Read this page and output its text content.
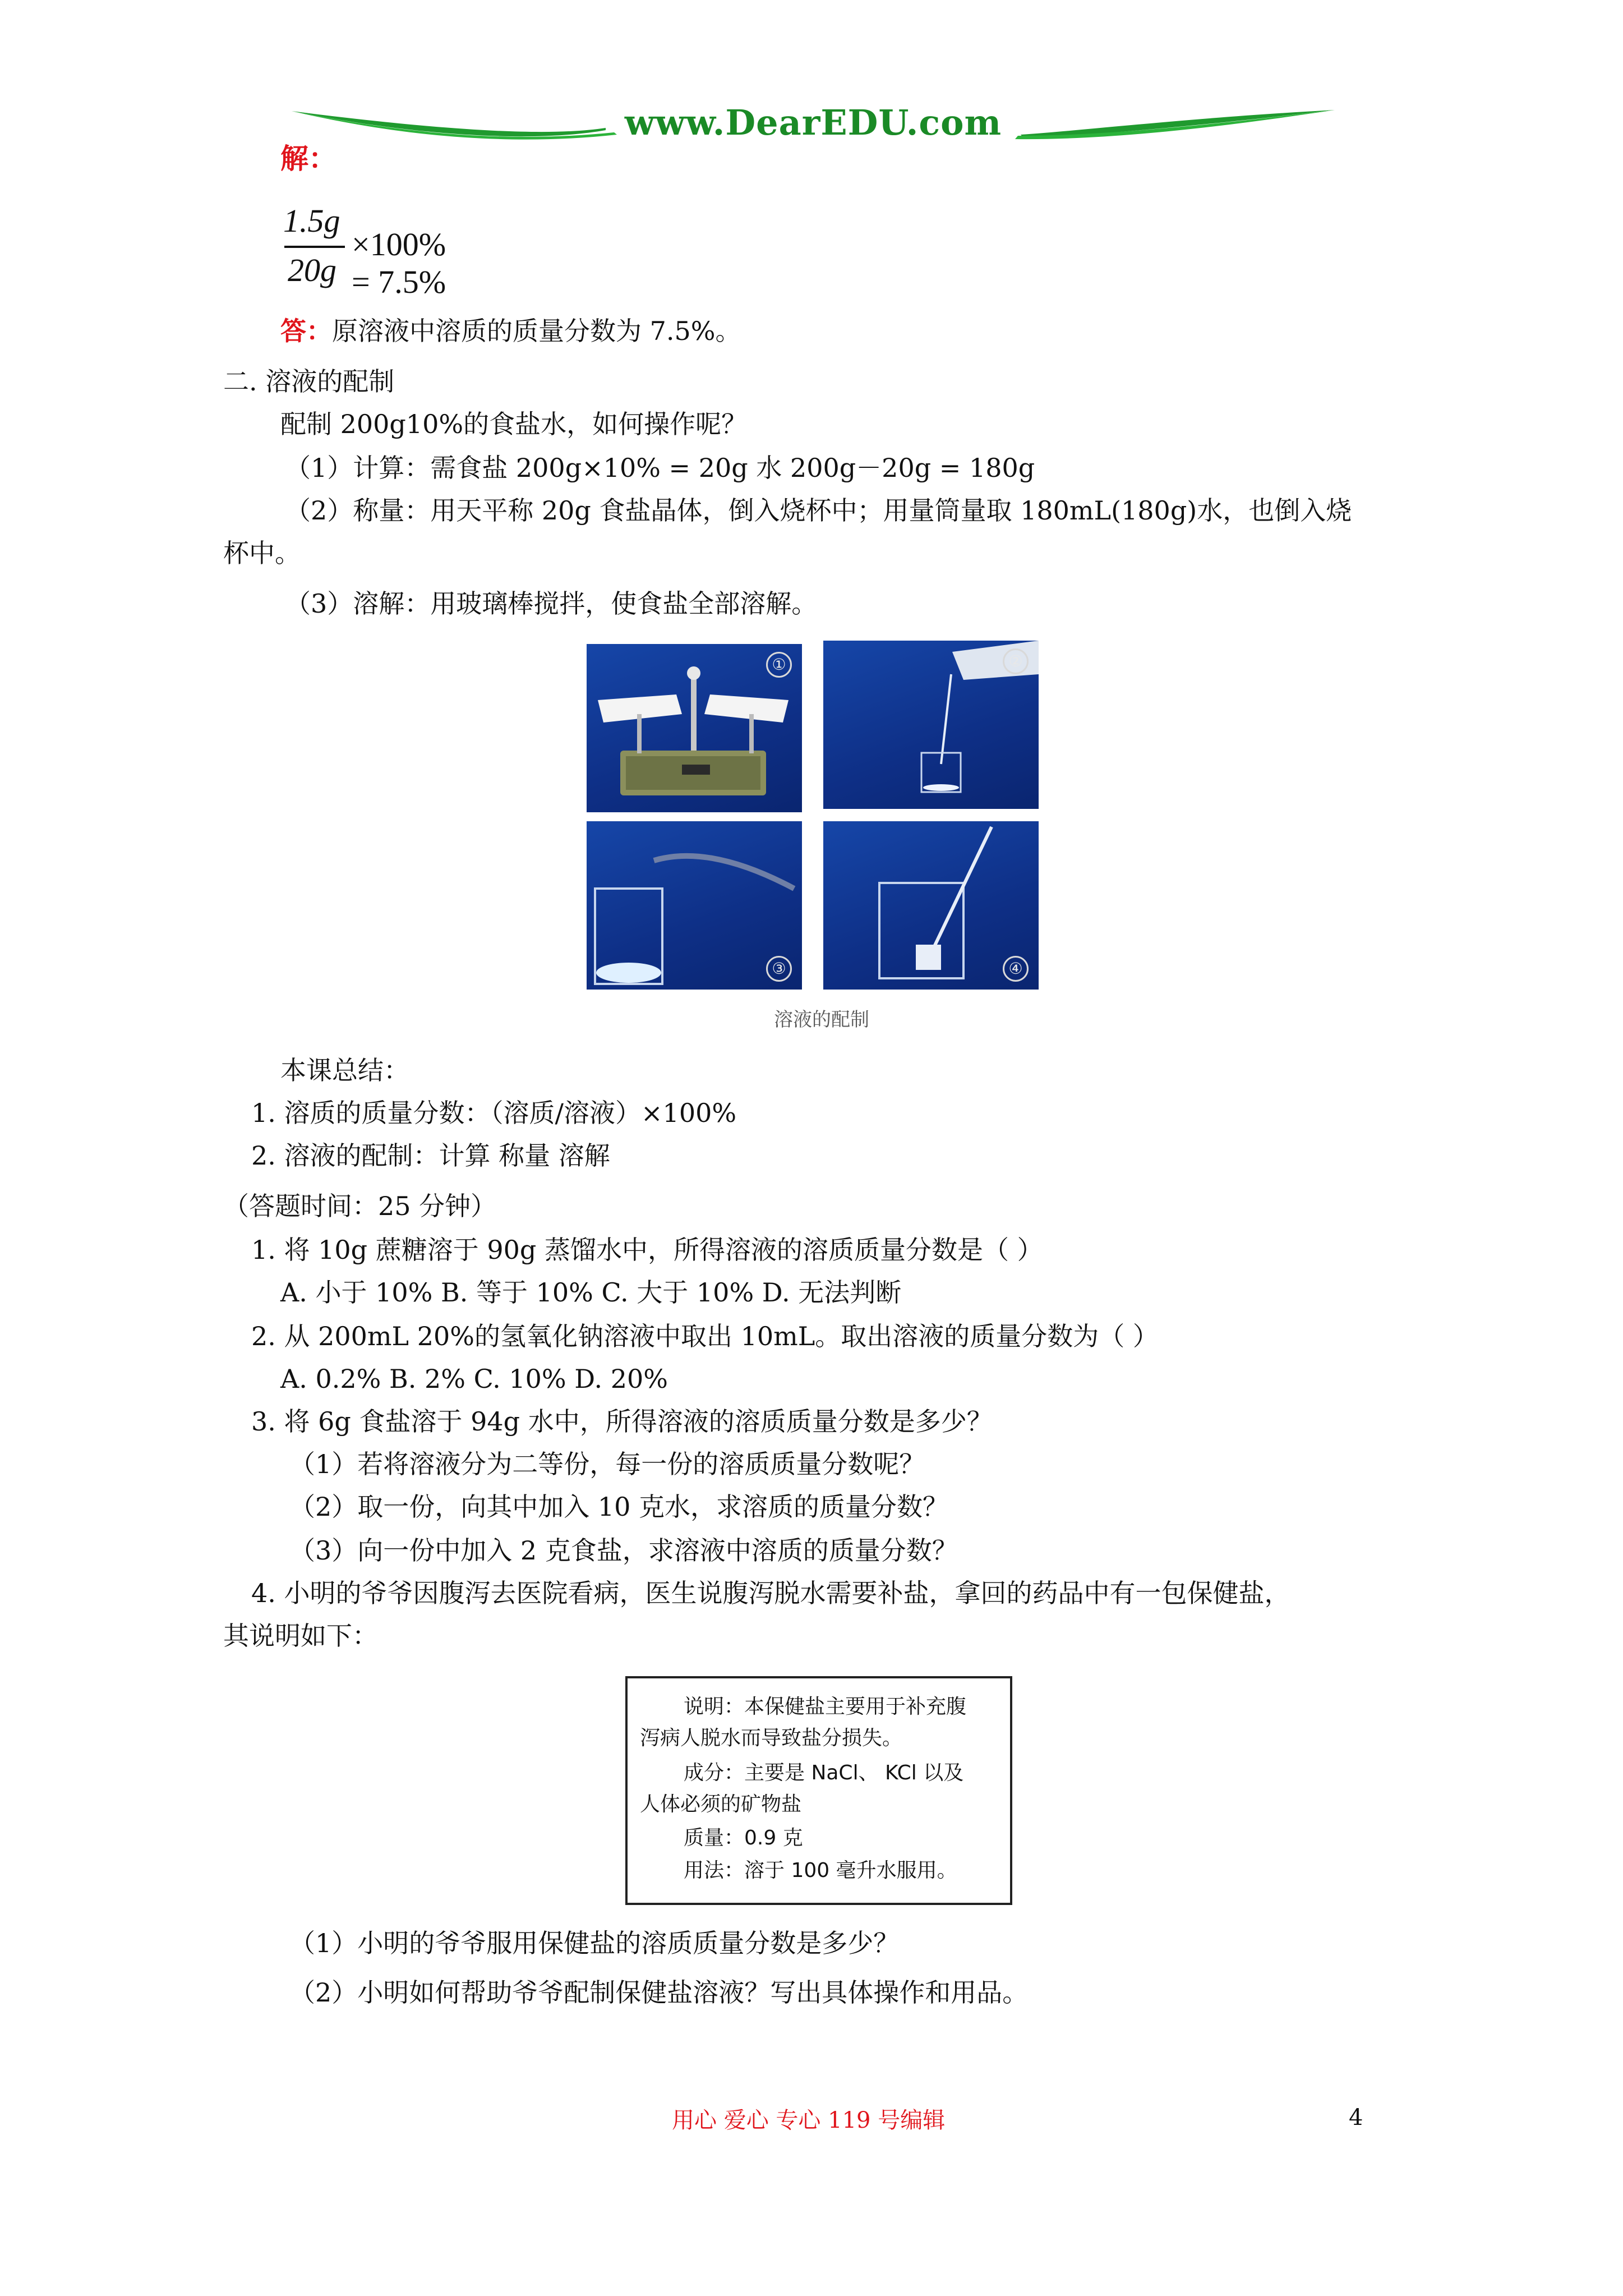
www.DearEDU.com
解：
1.5g
20g
×100% = 7.5%
答：原溶液中溶质的质量分数为 7.5%。
二. 溶液的配制
配制 200g10%的食盐水，如何操作呢？
（1）计算：需食盐 200g×10% = 20g 水 200g－20g = 180g
（2）称量：用天平称 20g 食盐晶体，倒入烧杯中；用量筒量取 180mL(180g)水，也倒入烧
杯中。
（3）溶解：用玻璃棒搅拌，使食盐全部溶解。
①	②
③	④
溶液的配制
本课总结：
1. 溶质的质量分数：（溶质/溶液）×100%
2. 溶液的配制：计算 称量 溶解
（答题时间：25 分钟）
1. 将 10g 蔗糖溶于 90g 蒸馏水中，所得溶液的溶质质量分数是（ ）
A. 小于 10% B. 等于 10% C. 大于 10% D. 无法判断
2. 从 200mL 20%的氢氧化钠溶液中取出 10mL。取出溶液的质量分数为（ ）
A. 0.2% B. 2% C. 10% D. 20%
3. 将 6g 食盐溶于 94g 水中，所得溶液的溶质质量分数是多少？
（1）若将溶液分为二等份，每一份的溶质质量分数呢？
（2）取一份，向其中加入 10 克水，求溶质的质量分数？
（3）向一份中加入 2 克食盐，求溶液中溶质的质量分数？
4. 小明的爷爷因腹泻去医院看病，医生说腹泻脱水需要补盐，拿回的药品中有一包保健盐，
其说明如下：
说明：本保健盐主要用于补充腹
泻病人脱水而导致盐分损失。
成分：主要是 NaCl、 KCl 以及
人体必须的矿物盐
质量：0.9 克
用法：溶于 100 毫升水服用。
（1）小明的爷爷服用保健盐的溶质质量分数是多少？
（2）小明如何帮助爷爷配制保健盐溶液？写出具体操作和用品。
用心 爱心 专心 119 号编辑	4
